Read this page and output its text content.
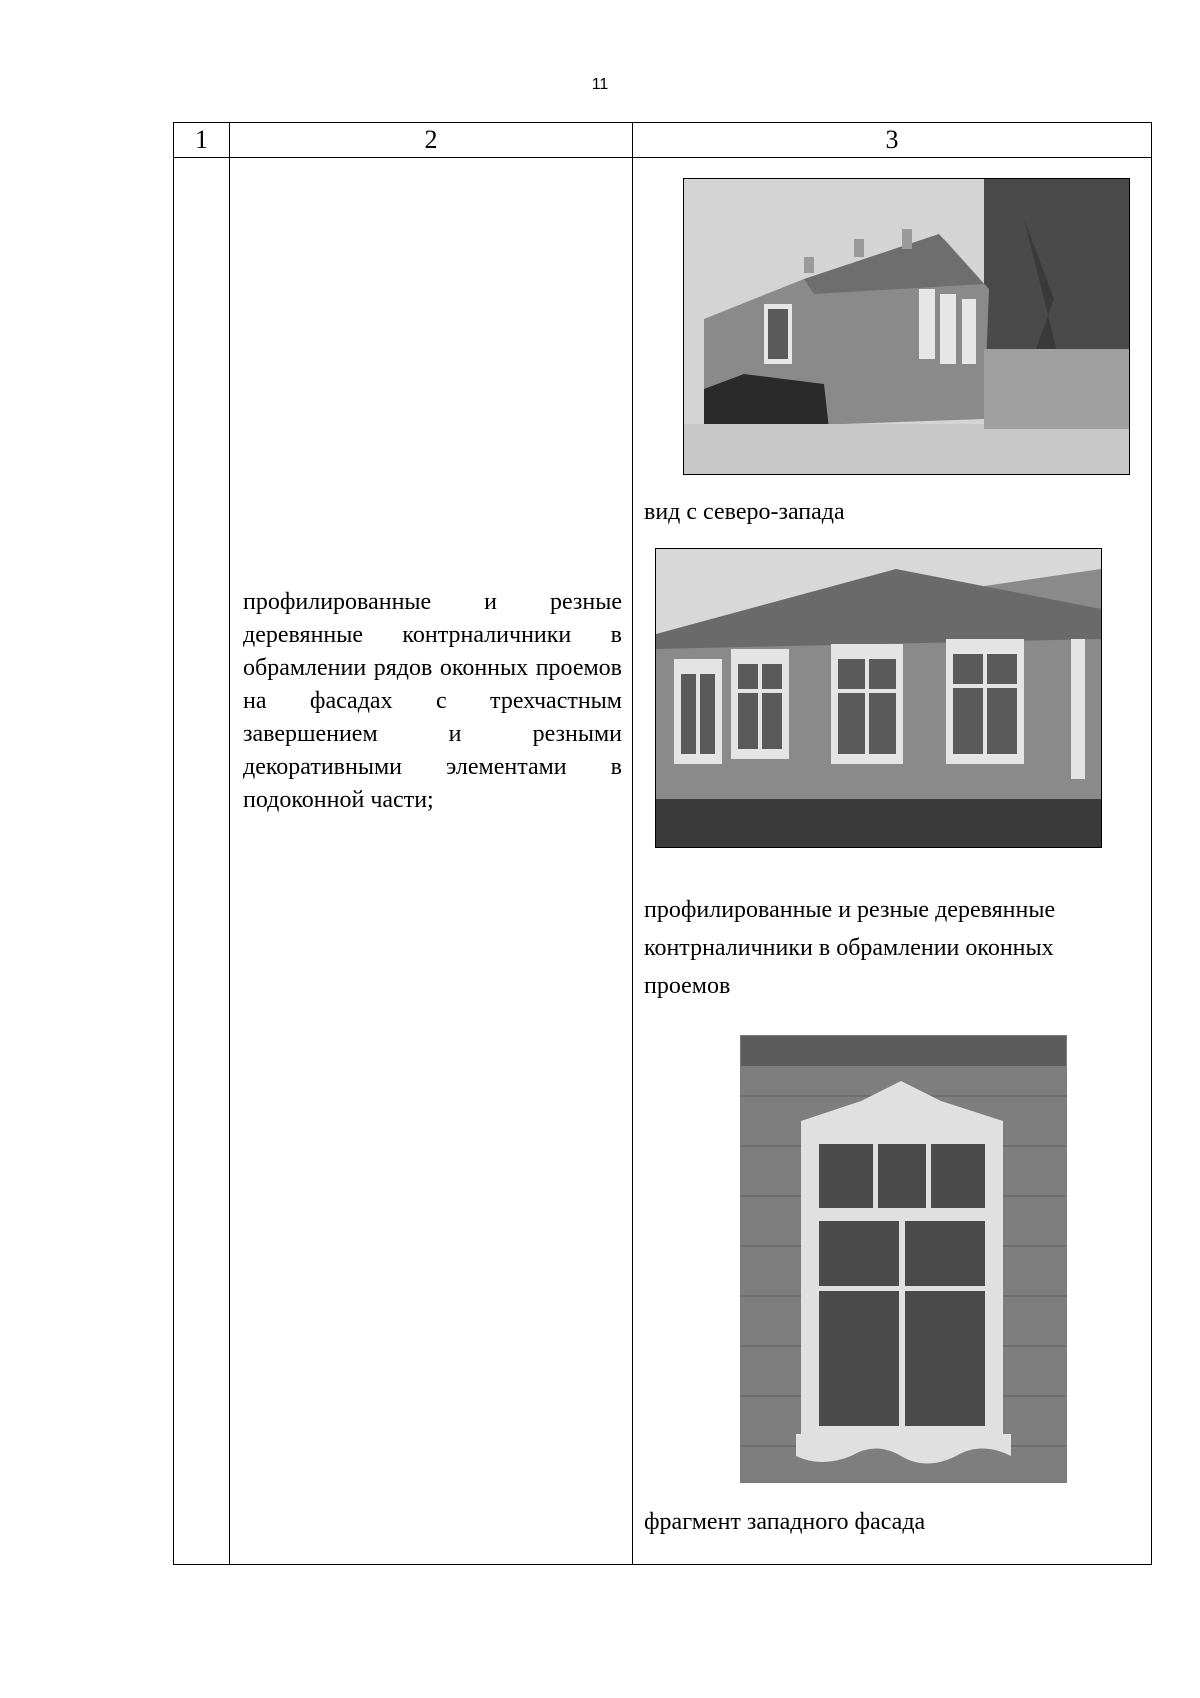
11
1	2	3

	профилированные и резные деревянные контрналичники в обрамлении рядов оконных проемов на фасадах с трехчастным завершением и резными декоративными элементами в подоконной части;	вид с северо-запада
профилированные и резные деревянные контрналичники в обрамлении оконных проемов
фрагмент западного фасада
